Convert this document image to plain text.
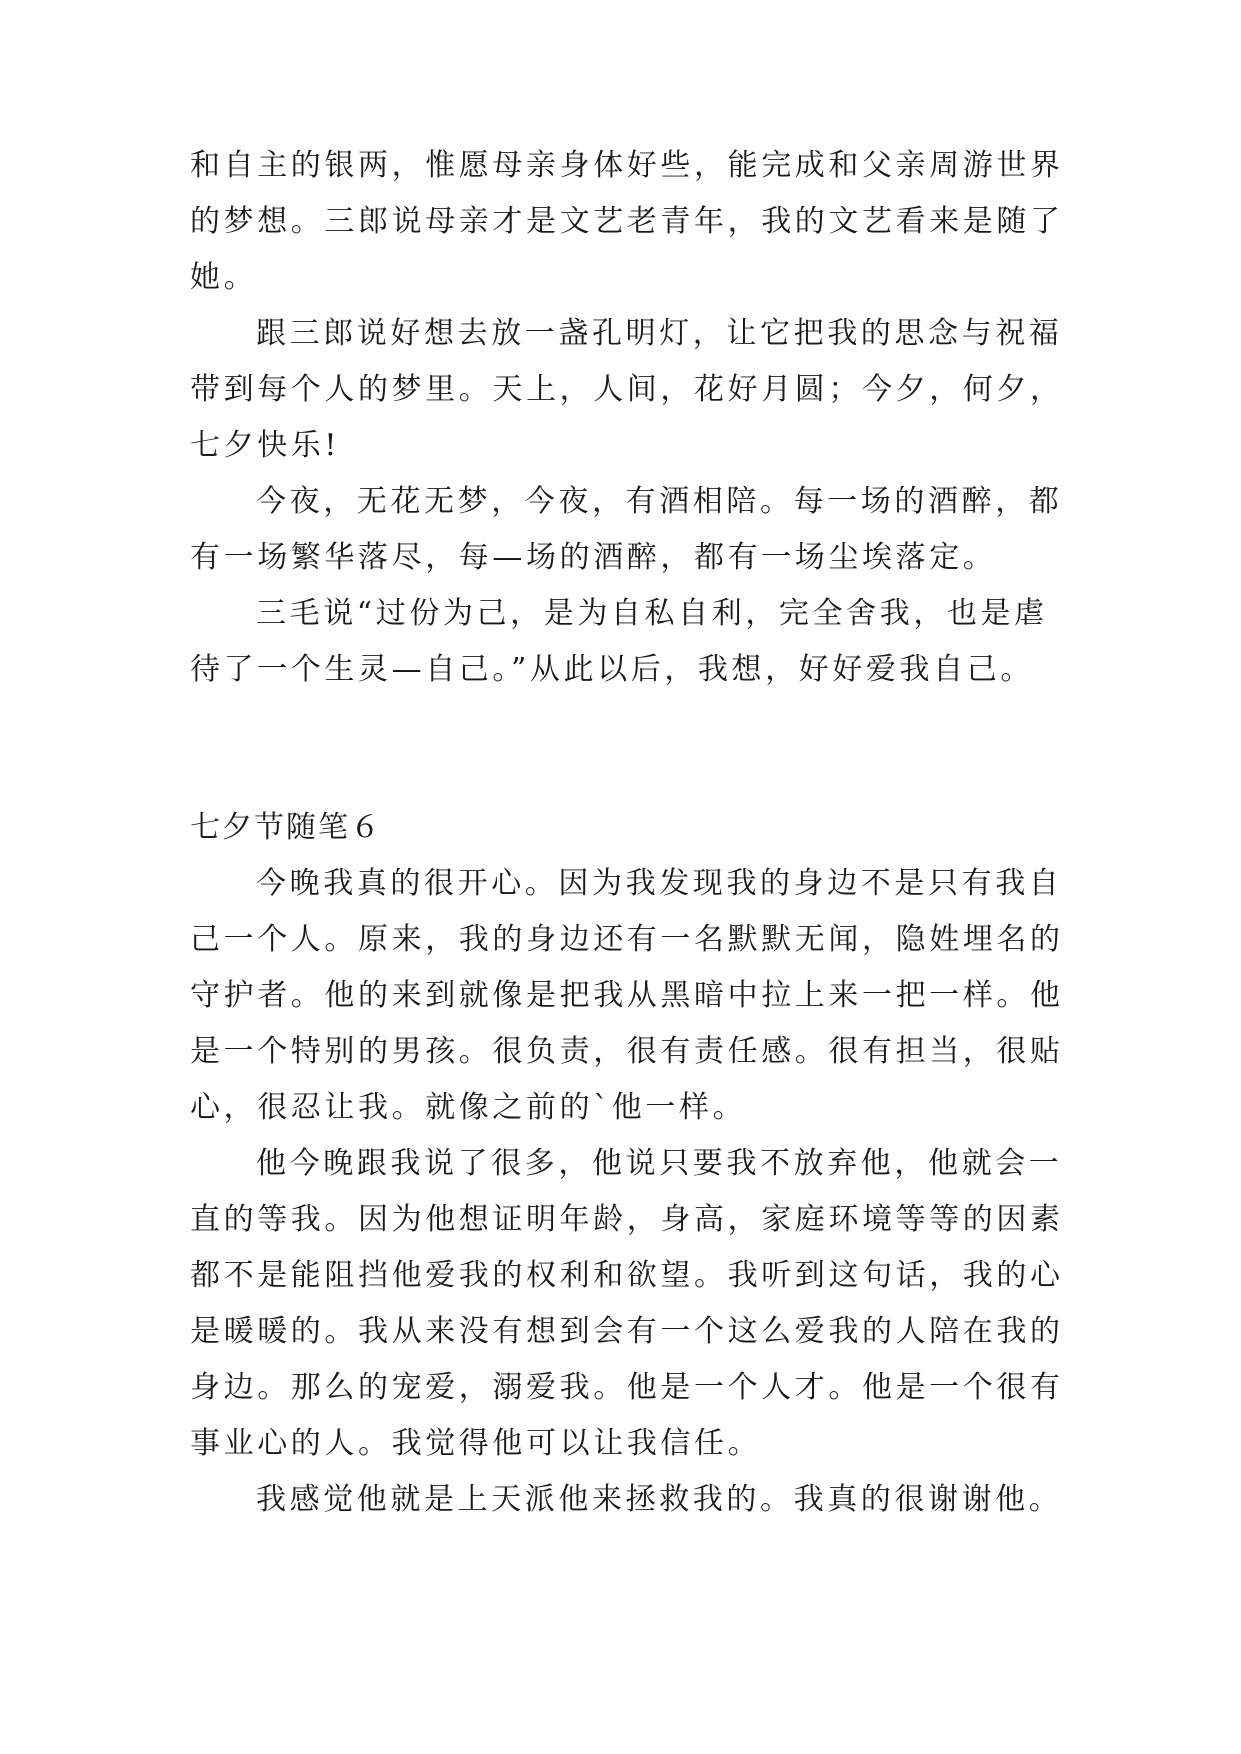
和自主的银两，惟愿母亲身体好些，能完成和父亲周游世界
的梦想。三郎说母亲才是文艺老青年，我的文艺看来是随了
她。
跟三郎说好想去放一盏孔明灯，让它把我的思念与祝福
带到每个人的梦里。天上，人间，花好月圆；今夕，何夕，
七夕快乐!
今夜，无花无梦，今夜，有酒相陪。每一场的酒醉，都
有一场繁华落尽，每—场的酒醉，都有一场尘埃落定。
三毛说“过份为己，是为自私自利，完全舍我，也是虐
待了一个生灵—自己。”从此以后，我想，好好爱我自己。
七夕节随笔６
今晚我真的很开心。因为我发现我的身边不是只有我自
己一个人。原来，我的身边还有一名默默无闻，隐姓埋名的
守护者。他的来到就像是把我从黑暗中拉上来一把一样。他
是一个特别的男孩。很负责，很有责任感。很有担当，很贴
心，很忍让我。就像之前的`他一样。
他今晚跟我说了很多，他说只要我不放弃他，他就会一
直的等我。因为他想证明年龄，身高，家庭环境等等的因素
都不是能阻挡他爱我的权利和欲望。我听到这句话，我的心
是暖暖的。我从来没有想到会有一个这么爱我的人陪在我的
身边。那么的宠爱，溺爱我。他是一个人才。他是一个很有
事业心的人。我觉得他可以让我信任。
我感觉他就是上天派他来拯救我的。我真的很谢谢他。
